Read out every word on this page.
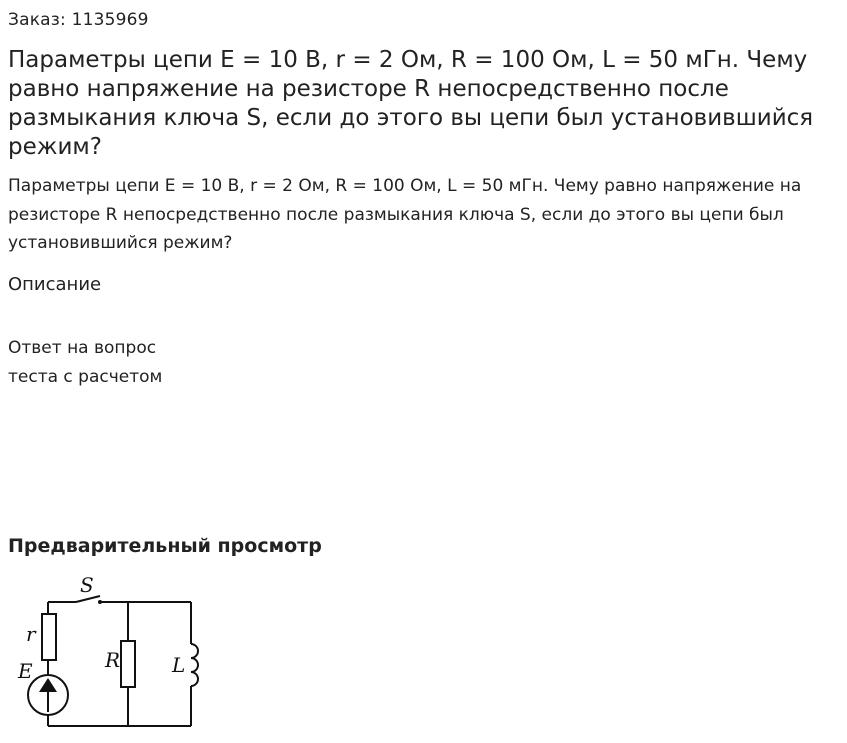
Заказ: 1135969
Параметры цепи E = 10 В, r = 2 Ом, R = 100 Ом, L = 50 мГн. Чему равно напряжение на резисторе R непосредственно после размыкания ключа S, если до этого вы цепи был установившийся режим?

Параметры цепи E = 10 В, r = 2 Ом, R = 100 Ом, L = 50 мГн. Чему равно напряжение на резисторе R непосредственно после размыкания ключа S, если до этого вы цепи был установившийся режим?

Описание

Ответ на вопрос теста с расчетом

Предварительный просмотр
S
r
E	R	L
